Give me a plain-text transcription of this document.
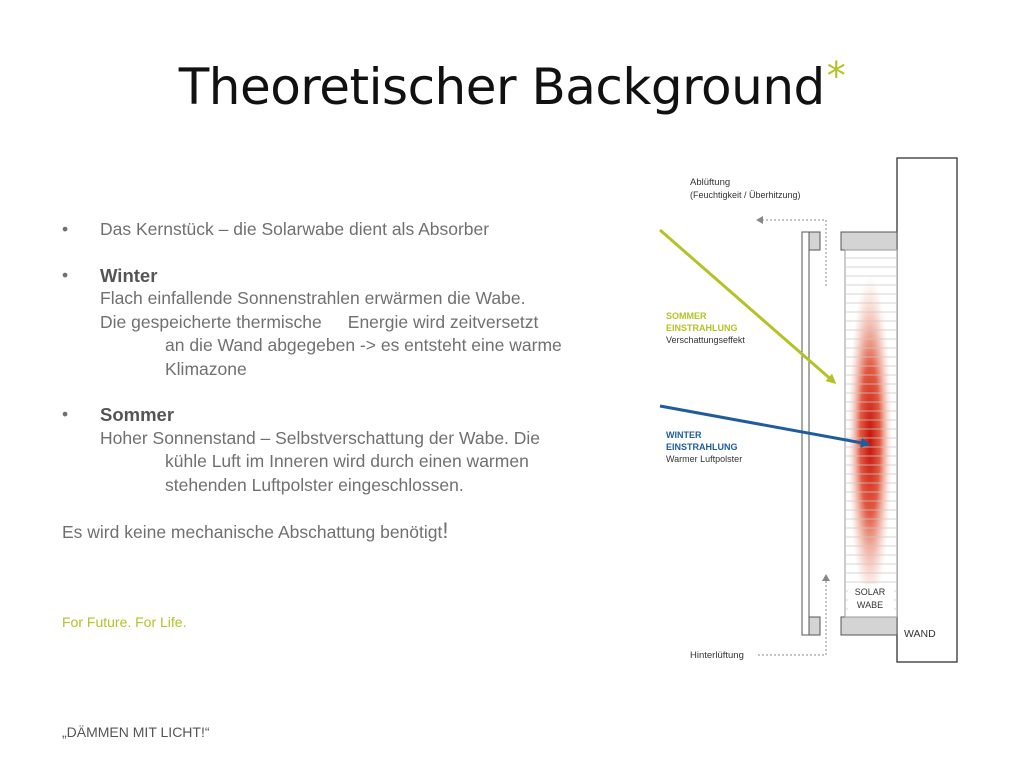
Theoretischer Background*
• Das Kernstück – die Solarwabe dient als Absorber
• Winter
Flach einfallende Sonnenstrahlen erwärmen die Wabe.
Die gespeicherte thermische Energie wird zeitversetzt
an die Wand abgegeben -> es entsteht eine warme
Klimazone
• Sommer
Hoher Sonnenstand – Selbstverschattung der Wabe. Die
kühle Luft im Inneren wird durch einen warmen
stehenden Luftpolster eingeschlossen.
Es wird keine mechanische Abschattung benötigt!
For Future. For Life.
„DÄMMEN MIT LICHT!“
Ablüftung
(Feuchtigkeit / Überhitzung)
SOMMER
EINSTRAHLUNG
Verschattungseffekt
WINTER
EINSTRAHLUNG
Warmer Luftpolster
SOLAR
WABE
WAND
Hinterlüftung
